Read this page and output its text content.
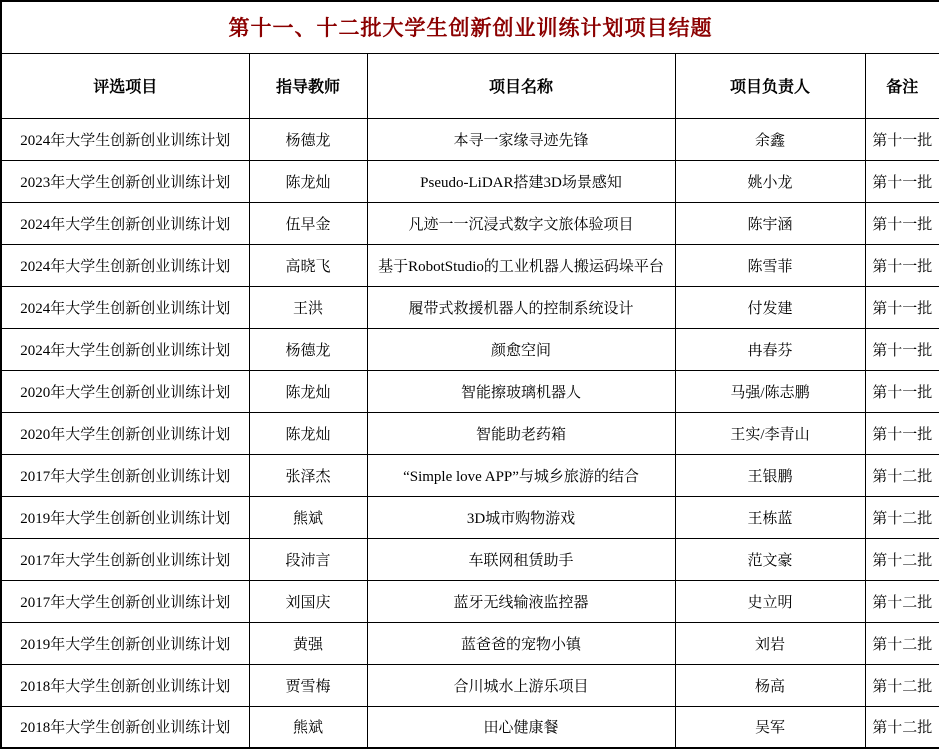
第十一、十二批大学生创新创业训练计划项目结题				
评选项目	指导教师	项目名称	项目负责人	备注
2024年大学生创新创业训练计划	杨德龙	本寻一家缘寻迹先锋	余鑫	第十一批
2023年大学生创新创业训练计划	陈龙灿	Pseudo-LiDAR搭建3D场景感知	姚小龙	第十一批
2024年大学生创新创业训练计划	伍早金	凡迹一一沉浸式数字文旅体验项目	陈宇涵	第十一批
2024年大学生创新创业训练计划	高晓飞	基于RobotStudio的工业机器人搬运码垛平台	陈雪菲	第十一批
2024年大学生创新创业训练计划	王洪	履带式救援机器人的控制系统设计	付发建	第十一批
2024年大学生创新创业训练计划	杨德龙	颜愈空间	冉春芬	第十一批
2020年大学生创新创业训练计划	陈龙灿	智能擦玻璃机器人	马强/陈志鹏	第十一批
2020年大学生创新创业训练计划	陈龙灿	智能助老药箱	王实/李青山	第十一批
2017年大学生创新创业训练计划	张泽杰	“Simple love APP”与城乡旅游的结合	王银鹏	第十二批
2019年大学生创新创业训练计划	熊斌	3D城市购物游戏	王栋蓝	第十二批
2017年大学生创新创业训练计划	段沛言	车联网租赁助手	范文豪	第十二批
2017年大学生创新创业训练计划	刘国庆	蓝牙无线输液监控器	史立明	第十二批
2019年大学生创新创业训练计划	黄强	蓝爸爸的宠物小镇	刘岩	第十二批
2018年大学生创新创业训练计划	贾雪梅	合川城水上游乐项目	杨高	第十二批
2018年大学生创新创业训练计划	熊斌	田心健康餐	吴军	第十二批
